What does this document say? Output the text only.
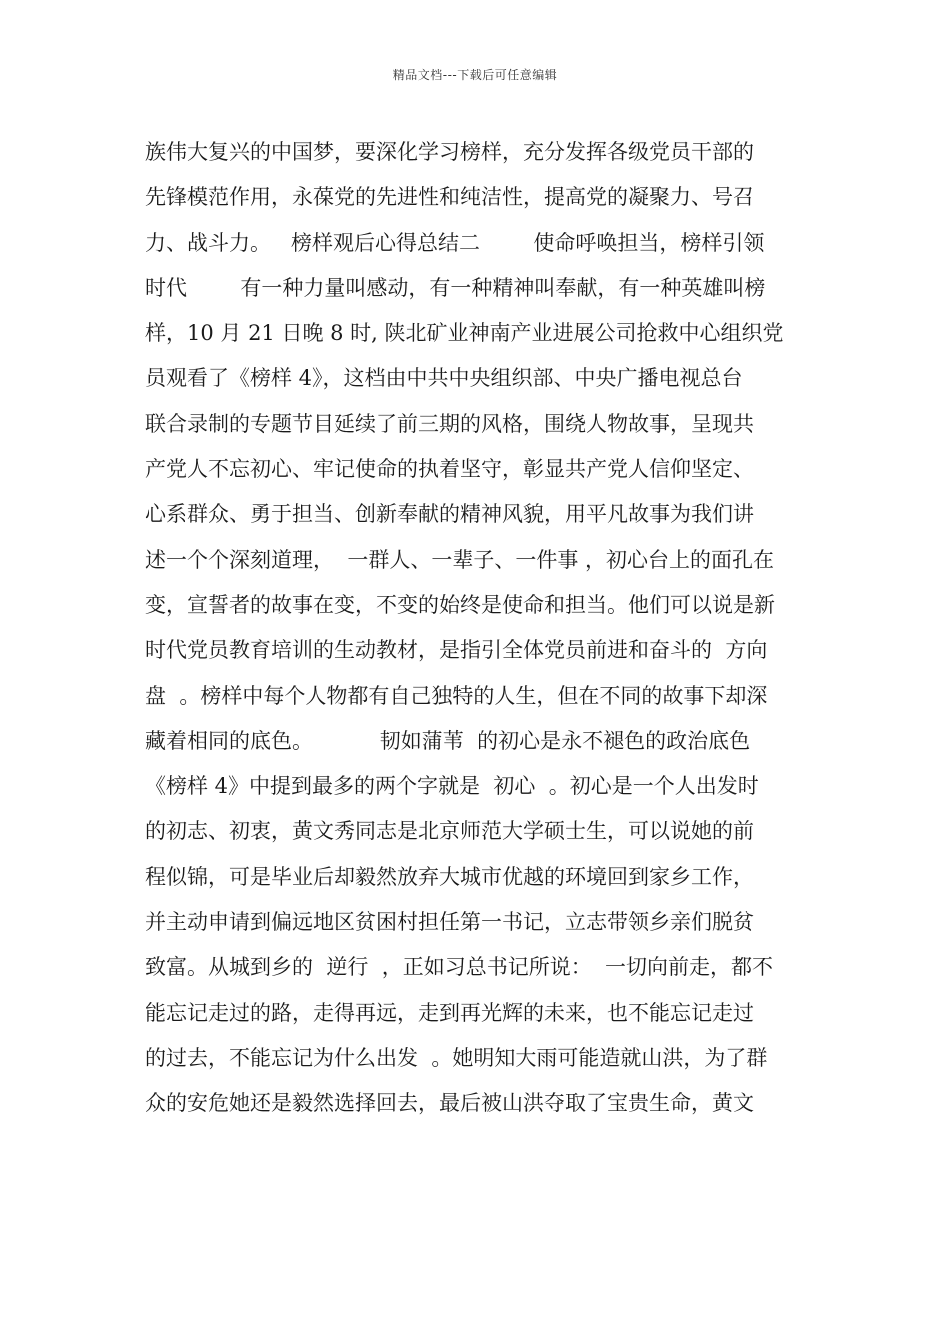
精品文档---下载后可任意编辑
族伟大复兴的中国梦，要深化学习榜样，充分发挥各级党员干部的
先锋模范作用，永葆党的先进性和纯洁性，提高党的凝聚力、号召
力、战斗力。   榜样观后心得总结二        使命呼唤担当，榜样引领
时代        有一种力量叫感动，有一种精神叫奉献，有一种英雄叫榜
样，10 月 21 日晚 8 时, 陕北矿业神南产业进展公司抢救中心组织党
员观看了《榜样 4》，这档由中共中央组织部、中央广播电视总台
联合录制的专题节目延续了前三期的风格，围绕人物故事，呈现共
产党人不忘初心、牢记使命的执着坚守，彰显共产党人信仰坚定、
心系群众、勇于担当、创新奉献的精神风貌，用平凡故事为我们讲
述一个个深刻道理，  一群人、一辈子、一件事 ，初心台上的面孔在
变，宣誓者的故事在变，不变的始终是使命和担当。他们可以说是新
时代党员教育培训的生动教材，是指引全体党员前进和奋斗的  方向
盘  。榜样中每个人物都有自己独特的人生，但在不同的故事下却深
藏着相同的底色。          韧如蒲苇  的初心是永不褪色的政治底色
《榜样 4》中提到最多的两个字就是  初心  。初心是一个人出发时
的初志、初衷，黄文秀同志是北京师范大学硕士生，可以说她的前
程似锦，可是毕业后却毅然放弃大城市优越的环境回到家乡工作，
并主动申请到偏远地区贫困村担任第一书记，立志带领乡亲们脱贫
致富。从城到乡的  逆行  ，正如习总书记所说：  一切向前走，都不
能忘记走过的路，走得再远，走到再光辉的未来，也不能忘记走过
的过去，不能忘记为什么出发  。她明知大雨可能造就山洪，为了群
众的安危她还是毅然选择回去，最后被山洪夺取了宝贵生命，黄文
